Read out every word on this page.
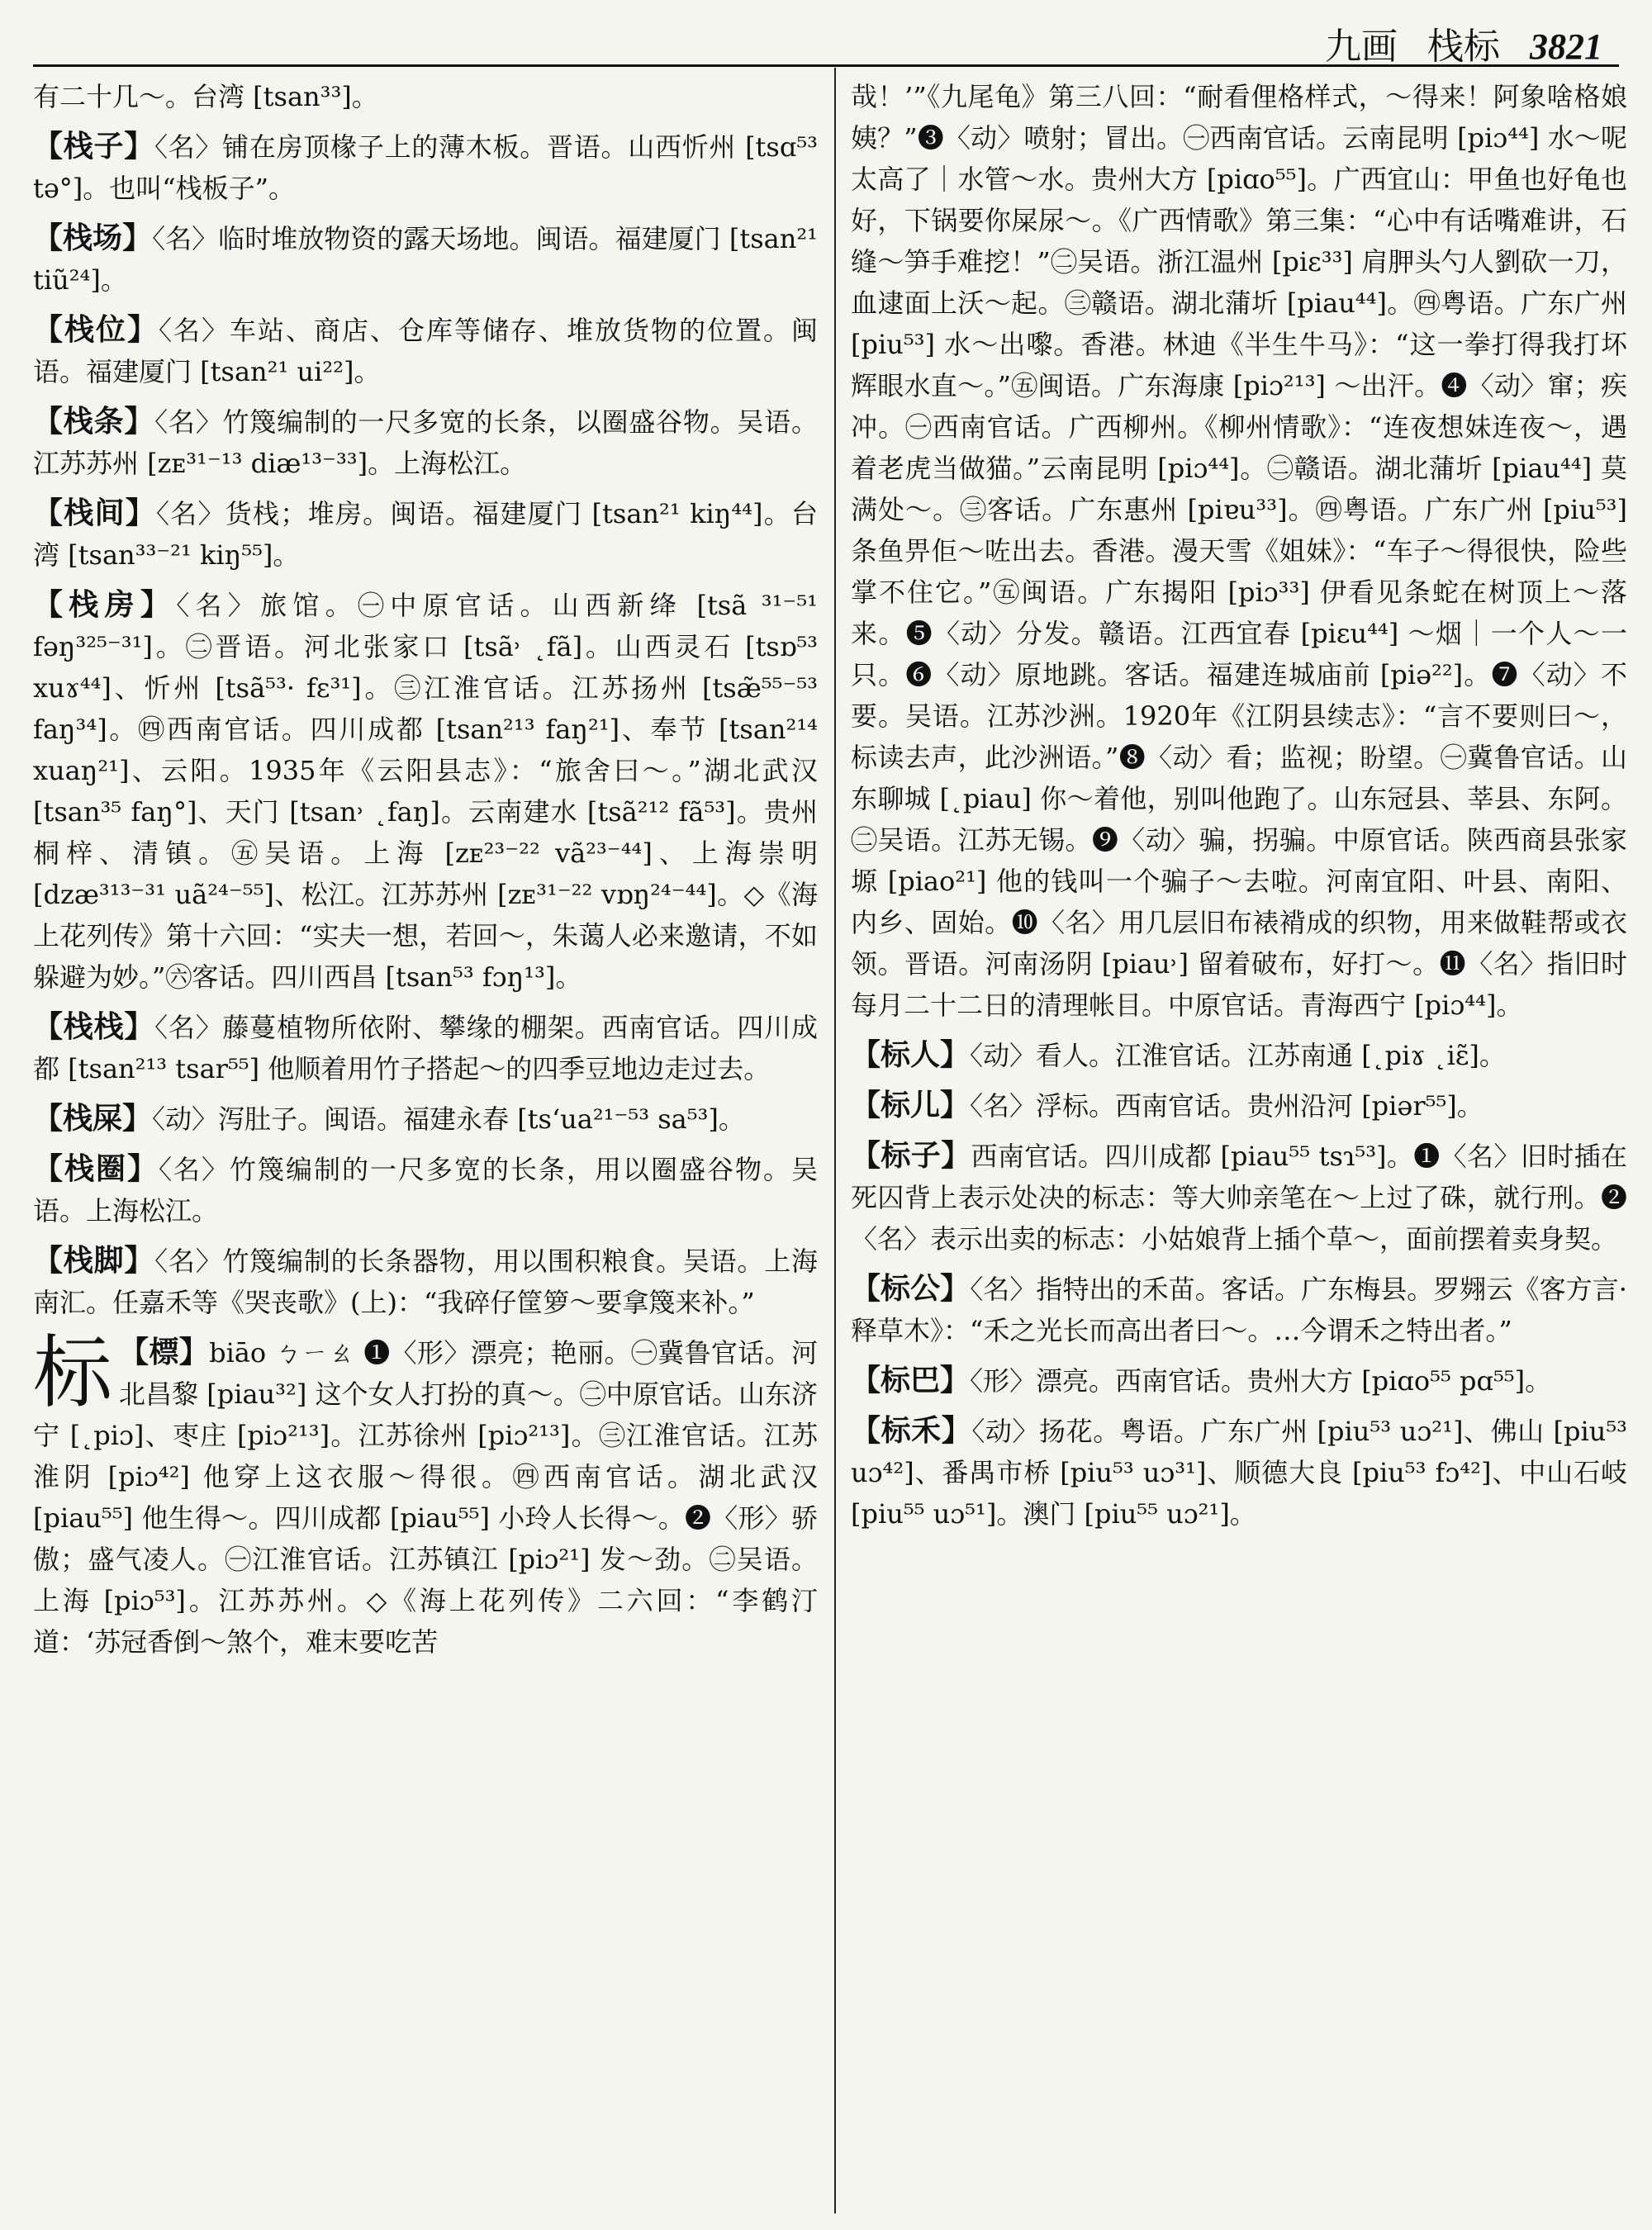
九画 栈标 3821
有二十几～。台湾 [tsan³³]。
【栈子】〈名〉铺在房顶椽子上的薄木板。晋语。山西忻州 [tsɑ⁵³ tə°]。也叫“栈板子”。
【栈场】〈名〉临时堆放物资的露天场地。闽语。福建厦门 [tsan²¹ tiũ²⁴]。
【栈位】〈名〉车站、商店、仓库等储存、堆放货物的位置。闽语。福建厦门 [tsan²¹ ui²²]。
【栈条】〈名〉竹篾编制的一尺多宽的长条，以圈盛谷物。吴语。江苏苏州 [zᴇ³¹⁻¹³ diæ¹³⁻³³]。上海松江。
【栈间】〈名〉货栈；堆房。闽语。福建厦门 [tsan²¹ kiŋ⁴⁴]。台湾 [tsan³³⁻²¹ kiŋ⁵⁵]。
【栈房】〈名〉旅馆。㊀中原官话。山西新绛 [tsã ³¹⁻⁵¹ fəŋ³²⁵⁻³¹]。㊁晋语。河北张家口 [tsã˒ ˛fã]。山西灵石 [tsɒ⁵³ xuɤ⁴⁴]、忻州 [tsã⁵³· fɛ³¹]。㊂江淮官话。江苏扬州 [tsæ̃⁵⁵⁻⁵³ faŋ³⁴]。㊃西南官话。四川成都 [tsan²¹³ faŋ²¹]、奉节 [tsan²¹⁴ xuaŋ²¹]、云阳。1935年《云阳县志》：“旅舍曰～。”湖北武汉 [tsan³⁵ faŋ°]、天门 [tsan˒ ˛faŋ]。云南建水 [tsã²¹² fã⁵³]。贵州桐梓、清镇。㊄吴语。上海 [zᴇ²³⁻²² vã²³⁻⁴⁴]、上海崇明 [dzæ³¹³⁻³¹ uã²⁴⁻⁵⁵]、松江。江苏苏州 [zᴇ³¹⁻²² vɒŋ²⁴⁻⁴⁴]。◇《海上花列传》第十六回：“实夫一想，若回～，朱蔼人必来邀请，不如躲避为妙。”㊅客话。四川西昌 [tsan⁵³ fɔŋ¹³]。
【栈栈】〈名〉藤蔓植物所依附、攀缘的棚架。西南官话。四川成都 [tsan²¹³ tsar⁵⁵] 他顺着用竹子搭起～的四季豆地边走过去。
【栈屎】〈动〉泻肚子。闽语。福建永春 [tsʻua²¹⁻⁵³ sa⁵³]。
【栈圈】〈名〉竹篾编制的一尺多宽的长条，用以圈盛谷物。吴语。上海松江。
【栈脚】〈名〉竹篾编制的长条器物，用以围积粮食。吴语。上海南汇。任嘉禾等《哭丧歌》(上)：“我碎仔筐箩～要拿篾来补。”
标 【標】biāo ㄅㄧㄠ ❶〈形〉漂亮；艳丽。㊀冀鲁官话。河北昌黎 [piau³²] 这个女人打扮的真～。㊁中原官话。山东济宁 [˛piɔ]、枣庄 [piɔ²¹³]。江苏徐州 [piɔ²¹³]。㊂江淮官话。江苏淮阴 [piɔ⁴²] 他穿上这衣服～得很。㊃西南官话。湖北武汉 [piau⁵⁵] 他生得～。四川成都 [piau⁵⁵] 小玲人长得～。❷〈形〉骄傲；盛气凌人。㊀江淮官话。江苏镇江 [piɔ²¹] 发～劲。㊁吴语。上海 [piɔ⁵³]。江苏苏州。◇《海上花列传》二六回：“李鹤汀道：‘苏冠香倒～煞个，难末要吃苦
哉！’”《九尾龟》第三八回：“耐看俚格样式，～得来！阿象啥格娘姨？”❸〈动〉喷射；冒出。㊀西南官话。云南昆明 [piɔ⁴⁴] 水～呢太高了｜水管～水。贵州大方 [piɑo⁵⁵]。广西宜山：甲鱼也好龟也好，下锅要你屎尿～。《广西情歌》第三集：“心中有话嘴难讲，石缝～笋手难挖！”㊁吴语。浙江温州 [piɛ³³] 肩胛头勺人劉砍一刀，血逮面上沃～起。㊂赣语。湖北蒲圻 [piau⁴⁴]。㊃粤语。广东广州 [piu⁵³] 水～出嚟。香港。林迪《半生牛马》：“这一拳打得我打坏辉眼水直～。”㊄闽语。广东海康 [piɔ²¹³] ～出汗。❹〈动〉窜；疾冲。㊀西南官话。广西柳州。《柳州情歌》：“连夜想妹连夜～，遇着老虎当做猫。”云南昆明 [piɔ⁴⁴]。㊁赣语。湖北蒲圻 [piau⁴⁴] 莫满处～。㊂客话。广东惠州 [piɐu³³]。㊃粤语。广东广州 [piu⁵³] 条鱼畀佢～咗出去。香港。漫天雪《姐妹》：“车子～得很快，险些掌不住它。”㊄闽语。广东揭阳 [piɔ³³] 伊看见条蛇在树顶上～落来。❺〈动〉分发。赣语。江西宜春 [piɛu⁴⁴] ～烟｜一个人～一只。❻〈动〉原地跳。客话。福建连城庙前 [piə²²]。❼〈动〉不要。吴语。江苏沙洲。1920年《江阴县续志》：“言不要则曰～，标读去声，此沙洲语。”❽〈动〉看；监视；盼望。㊀冀鲁官话。山东聊城 [˛piau] 你～着他，别叫他跑了。山东冠县、莘县、东阿。㊁吴语。江苏无锡。❾〈动〉骗，拐骗。中原官话。陕西商县张家塬 [piao²¹] 他的钱叫一个骗子～去啦。河南宜阳、叶县、南阳、内乡、固始。❿〈名〉用几层旧布裱褙成的织物，用来做鞋帮或衣领。晋语。河南汤阴 [piau˒] 留着破布，好打～。⓫〈名〉指旧时每月二十二日的清理帐目。中原官话。青海西宁 [piɔ⁴⁴]。
【标人】〈动〉看人。江淮官话。江苏南通 [˛piɤ ˛iɛ̃]。
【标儿】〈名〉浮标。西南官话。贵州沿河 [piər⁵⁵]。
【标子】西南官话。四川成都 [piau⁵⁵ tsɿ⁵³]。❶〈名〉旧时插在死囚背上表示处决的标志：等大帅亲笔在～上过了硃，就行刑。❷〈名〉表示出卖的标志：小姑娘背上插个草～，面前摆着卖身契。
【标公】〈名〉指特出的禾苗。客话。广东梅县。罗翙云《客方言·释草木》：“禾之光长而高出者曰～。…今谓禾之特出者。”
【标巴】〈形〉漂亮。西南官话。贵州大方 [piɑo⁵⁵ pɑ⁵⁵]。
【标禾】〈动〉扬花。粤语。广东广州 [piu⁵³ uɔ²¹]、佛山 [piu⁵³ uɔ⁴²]、番禺市桥 [piu⁵³ uɔ³¹]、顺德大良 [piu⁵³ fɔ⁴²]、中山石岐 [piu⁵⁵ uɔ⁵¹]。澳门 [piu⁵⁵ uɔ²¹]。
